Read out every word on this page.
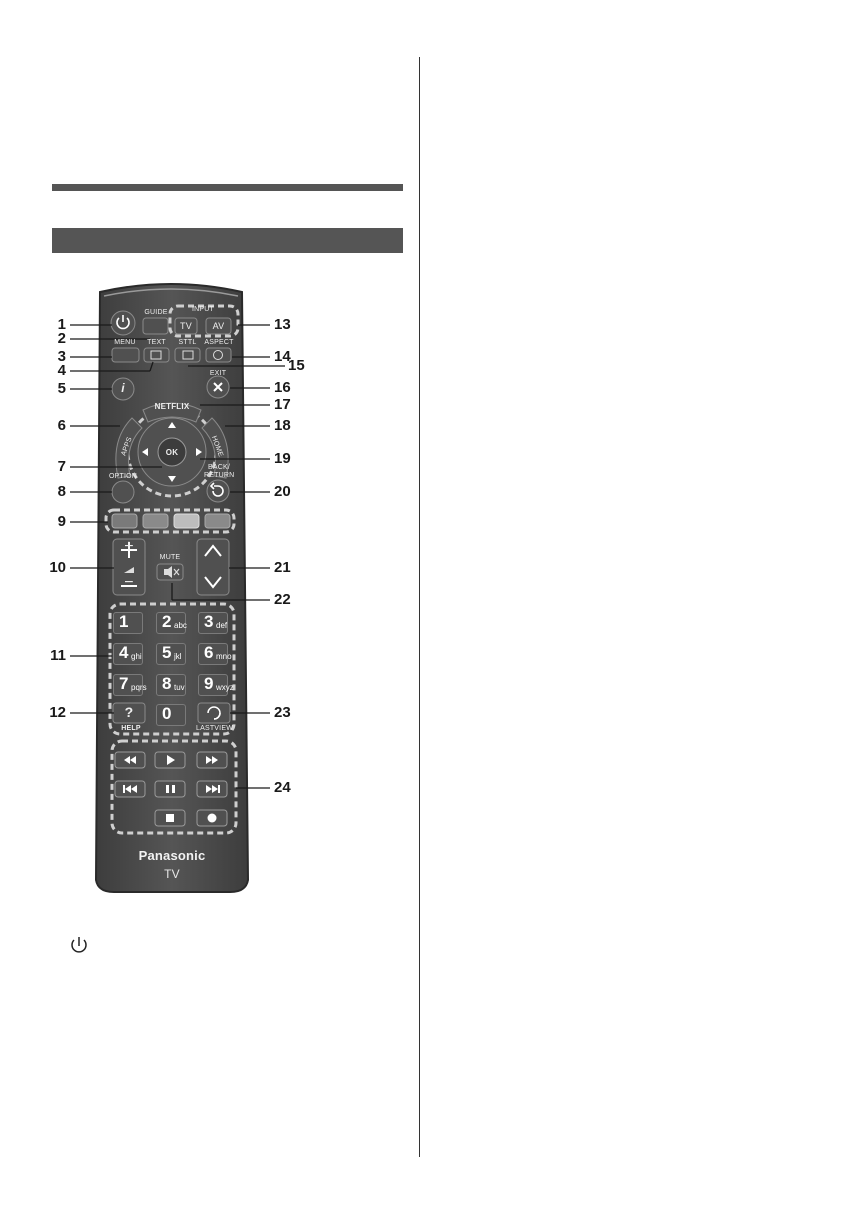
GUIDE	INPUT
TV	AV
MENU	TEXT	STTL	ASPECT
i
EXIT
NETFLIX
APPS	HOME
OK
OPTION
BACK/
RETURN
+
−
MUTE
?
HELP	LASTVIEW
1 2 abc 3 def
4 ghi 5 jkl 6 mno
7 pqrs 8 tuv 9 wxyz
0
Panasonic
TV
1
2
3
4
5
6
7
8
9
10
11
12
13
14
15
16
17
18
19
20
21
22
23
24
